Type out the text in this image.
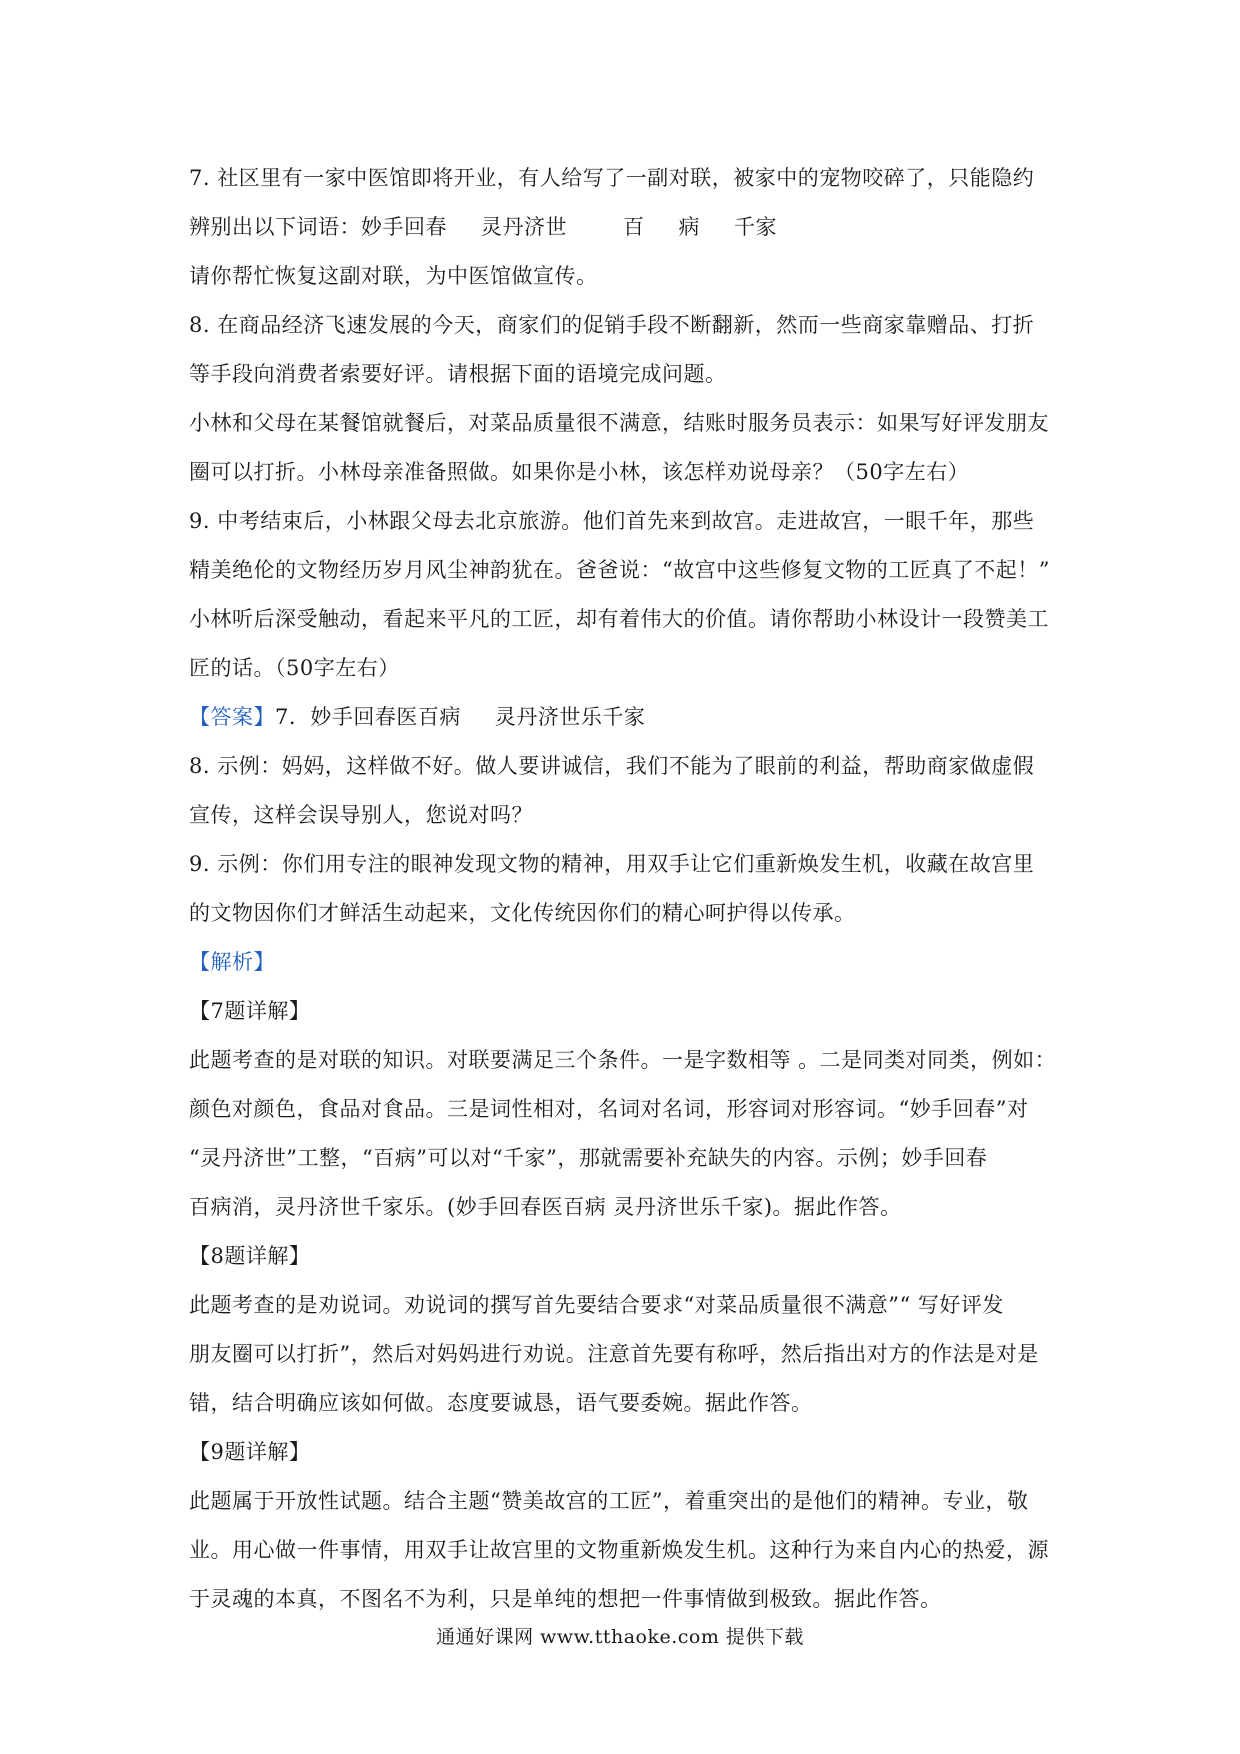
7. 社区里有一家中医馆即将开业，有人给写了一副对联，被家中的宠物咬碎了，只能隐约
辨别出以下词语：妙手回春 灵丹济世	百 病 千家
请你帮忙恢复这副对联，为中医馆做宣传。
8. 在商品经济飞速发展的今天，商家们的促销手段不断翻新，然而一些商家靠赠品、打折
等手段向消费者索要好评。请根据下面的语境完成问题。
小林和父母在某餐馆就餐后，对菜品质量很不满意，结账时服务员表示：如果写好评发朋友
圈可以打折。小林母亲准备照做。如果你是小林，该怎样劝说母亲？（50字左右）
9. 中考结束后，小林跟父母去北京旅游。他们首先来到故宫。走进故宫，一眼千年，那些
精美绝伦的文物经历岁月风尘神韵犹在。爸爸说：“故宫中这些修复文物的工匠真了不起！”
小林听后深受触动，看起来平凡的工匠，却有着伟大的价值。请你帮助小林设计一段赞美工
匠的话。（50字左右）
【答案】7. 妙手回春医百病 灵丹济世乐千家
8. 示例：妈妈，这样做不好。做人要讲诚信，我们不能为了眼前的利益，帮助商家做虚假
宣传，这样会误导别人，您说对吗？
9. 示例：你们用专注的眼神发现文物的精神，用双手让它们重新焕发生机，收藏在故宫里
的文物因你们才鲜活生动起来，文化传统因你们的精心呵护得以传承。
【解析】
【7题详解】
此题考查的是对联的知识。对联要满足三个条件。一是字数相等 。二是同类对同类，例如：
颜色对颜色，食品对食品。三是词性相对，名词对名词，形容词对形容词。“妙手回春”对
“灵丹济世”工整，“百病”可以对“千家”，那就需要补充缺失的内容。示例；妙手回春
百病消，灵丹济世千家乐。(妙手回春医百病 灵丹济世乐千家)。据此作答。
【8题详解】
此题考查的是劝说词。劝说词的撰写首先要结合要求“对菜品质量很不满意”“ 写好评发
朋友圈可以打折”，然后对妈妈进行劝说。注意首先要有称呼，然后指出对方的作法是对是
错，结合明确应该如何做。态度要诚恳，语气要委婉。据此作答。
【9题详解】
此题属于开放性试题。结合主题“赞美故宫的工匠”，着重突出的是他们的精神。专业，敬
业。用心做一件事情，用双手让故宫里的文物重新焕发生机。这种行为来自内心的热爱，源
于灵魂的本真，不图名不为利，只是单纯的想把一件事情做到极致。据此作答。
通通好课网 www.tthaoke.com 提供下载
